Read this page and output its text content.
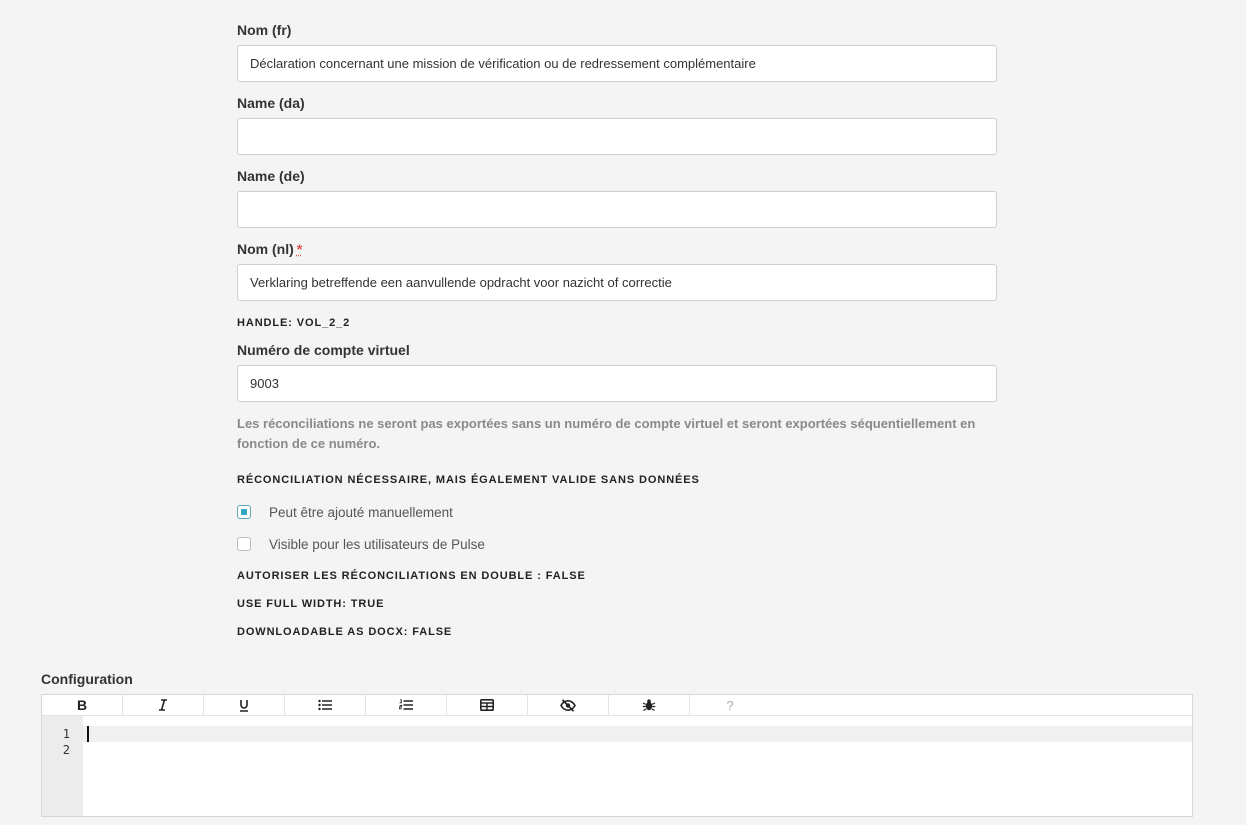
Nom (fr)
Déclaration concernant une mission de vérification ou de redressement complémentaire
Name (da)
Name (de)
Nom (nl) *
Verklaring betreffende een aanvullende opdracht voor nazicht of correctie
HANDLE: VOL_2_2
Numéro de compte virtuel
9003
Les réconciliations ne seront pas exportées sans un numéro de compte virtuel et seront exportées séquentiellement en fonction de ce numéro.
RÉCONCILIATION NÉCESSAIRE, MAIS ÉGALEMENT VALIDE SANS DONNÉES
Peut être ajouté manuellement
Visible pour les utilisateurs de Pulse
AUTORISER LES RÉCONCILIATIONS EN DOUBLE : FALSE
USE FULL WIDTH: TRUE
DOWNLOADABLE AS DOCX: FALSE
Configuration
B	?
1
2
